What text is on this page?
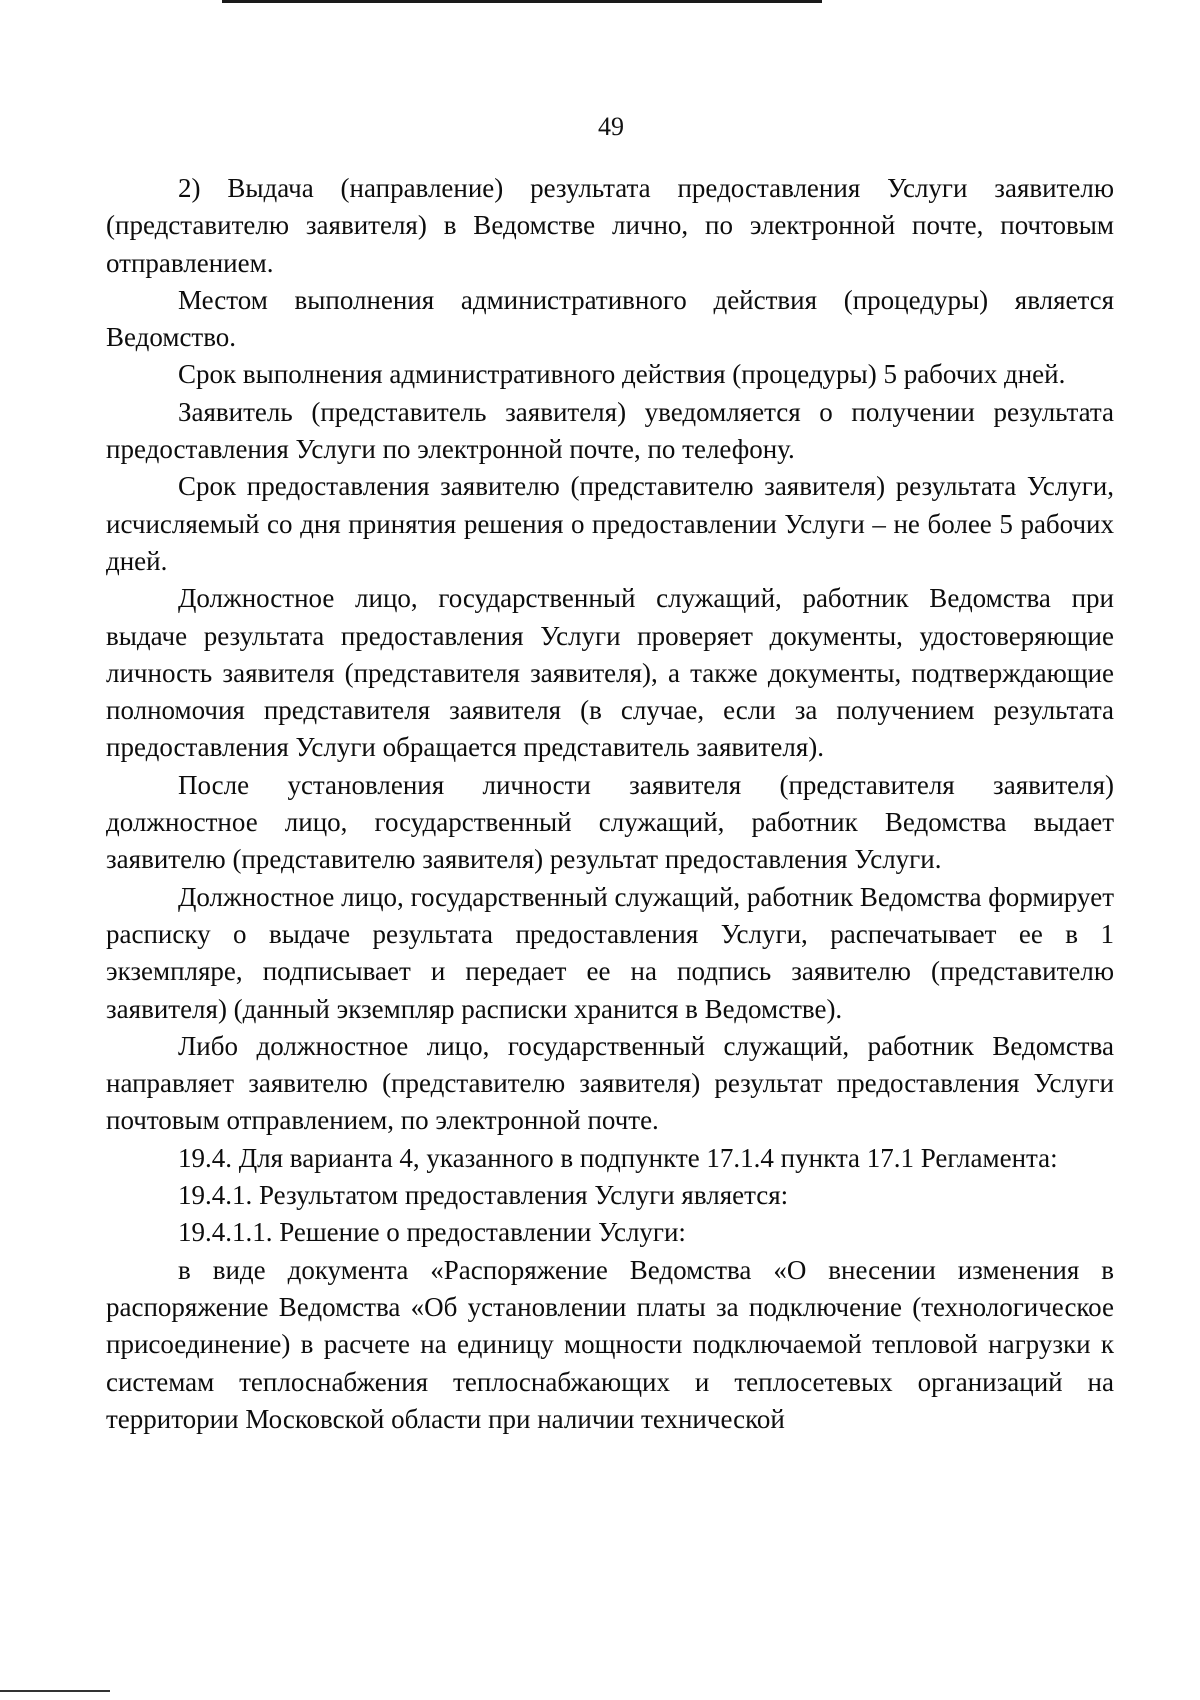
49

2) Выдача (направление) результата предоставления Услуги заявителю (представителю заявителя) в Ведомстве лично, по электронной почте, почтовым отправлением.

Местом выполнения административного действия (процедуры) является Ведомство.

Срок выполнения административного действия (процедуры) 5 рабочих дней.

Заявитель (представитель заявителя) уведомляется о получении результата предоставления Услуги по электронной почте, по телефону.

Срок предоставления заявителю (представителю заявителя) результата Услуги, исчисляемый со дня принятия решения о предоставлении Услуги – не более 5 рабочих дней.

Должностное лицо, государственный служащий, работник Ведомства при выдаче результата предоставления Услуги проверяет документы, удостоверяющие личность заявителя (представителя заявителя), а также документы, подтверждающие полномочия представителя заявителя (в случае, если за получением результата предоставления Услуги обращается представитель заявителя).

После установления личности заявителя (представителя заявителя) должностное лицо, государственный служащий, работник Ведомства выдает заявителю (представителю заявителя) результат предоставления Услуги.

Должностное лицо, государственный служащий, работник Ведомства формирует расписку о выдаче результата предоставления Услуги, распечатывает ее в 1 экземпляре, подписывает и передает ее на подпись заявителю (представителю заявителя) (данный экземпляр расписки хранится в Ведомстве).

Либо должностное лицо, государственный служащий, работник Ведомства направляет заявителю (представителю заявителя) результат предоставления Услуги почтовым отправлением, по электронной почте.

19.4. Для варианта 4, указанного в подпункте 17.1.4 пункта 17.1 Регламента:

19.4.1. Результатом предоставления Услуги является:

19.4.1.1. Решение о предоставлении Услуги:

в виде документа «Распоряжение Ведомства «О внесении изменения в распоряжение Ведомства «Об установлении платы за подключение (технологическое присоединение) в расчете на единицу мощности подключаемой тепловой нагрузки к системам теплоснабжения теплоснабжающих и теплосетевых организаций на территории Московской области при наличии технической
